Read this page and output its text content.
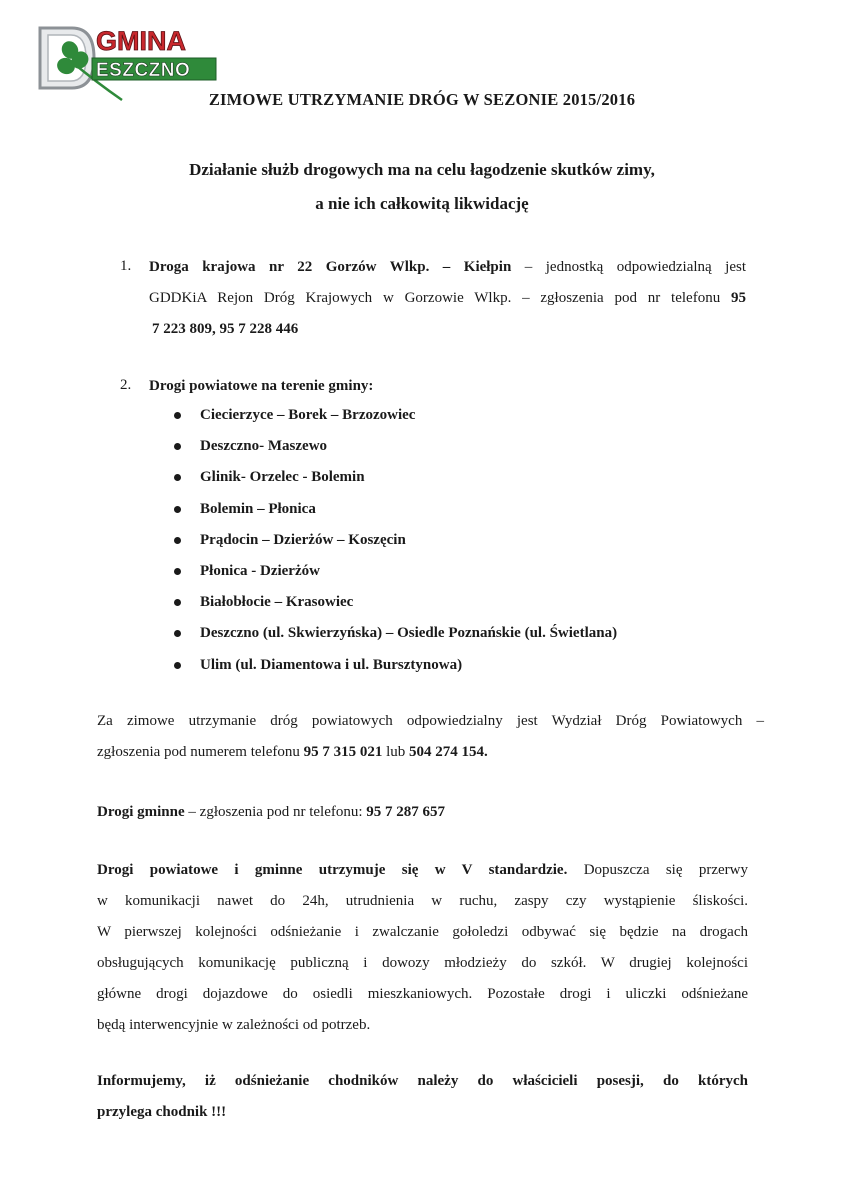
GMINA
ESZCZNO
ZIMOWE UTRZYMANIE DRÓG W SEZONIE 2015/2016
Działanie służb drogowych ma na celu łagodzenie skutków zimy,
a nie ich całkowitą likwidację
1. Droga krajowa nr 22 Gorzów Wlkp. – Kiełpin – jednostką odpowiedzialną jest
GDDKiA Rejon Dróg Krajowych w Gorzowie Wlkp. – zgłoszenia pod nr telefonu 95
7 223 809, 95 7 228 446
2. Drogi powiatowe na terenie gminy:
Ciecierzyce – Borek – Brzozowiec
Deszczno- Maszewo
Glinik- Orzelec - Bolemin
Bolemin – Płonica
Prądocin – Dzierżów – Koszęcin
Płonica - Dzierżów
Białobłocie – Krasowiec
Deszczno (ul. Skwierzyńska) – Osiedle Poznańskie (ul. Świetlana)
Ulim (ul. Diamentowa i ul. Bursztynowa)
Za zimowe utrzymanie dróg powiatowych odpowiedzialny jest Wydział Dróg Powiatowych –
zgłoszenia pod numerem telefonu 95 7 315 021 lub 504 274 154.
Drogi gminne – zgłoszenia pod nr telefonu: 95 7 287 657
Drogi powiatowe i gminne utrzymuje się w V standardzie. Dopuszcza się przerwy
w komunikacji nawet do 24h, utrudnienia w ruchu, zaspy czy wystąpienie śliskości.
W pierwszej kolejności odśnieżanie i zwalczanie gołoledzi odbywać się będzie na drogach
obsługujących komunikację publiczną i dowozy młodzieży do szkół. W drugiej kolejności
główne drogi dojazdowe do osiedli mieszkaniowych. Pozostałe drogi i uliczki odśnieżane
będą interwencyjnie w zależności od potrzeb.
Informujemy, iż odśnieżanie chodników należy do właścicieli posesji, do których
przylega chodnik !!!
